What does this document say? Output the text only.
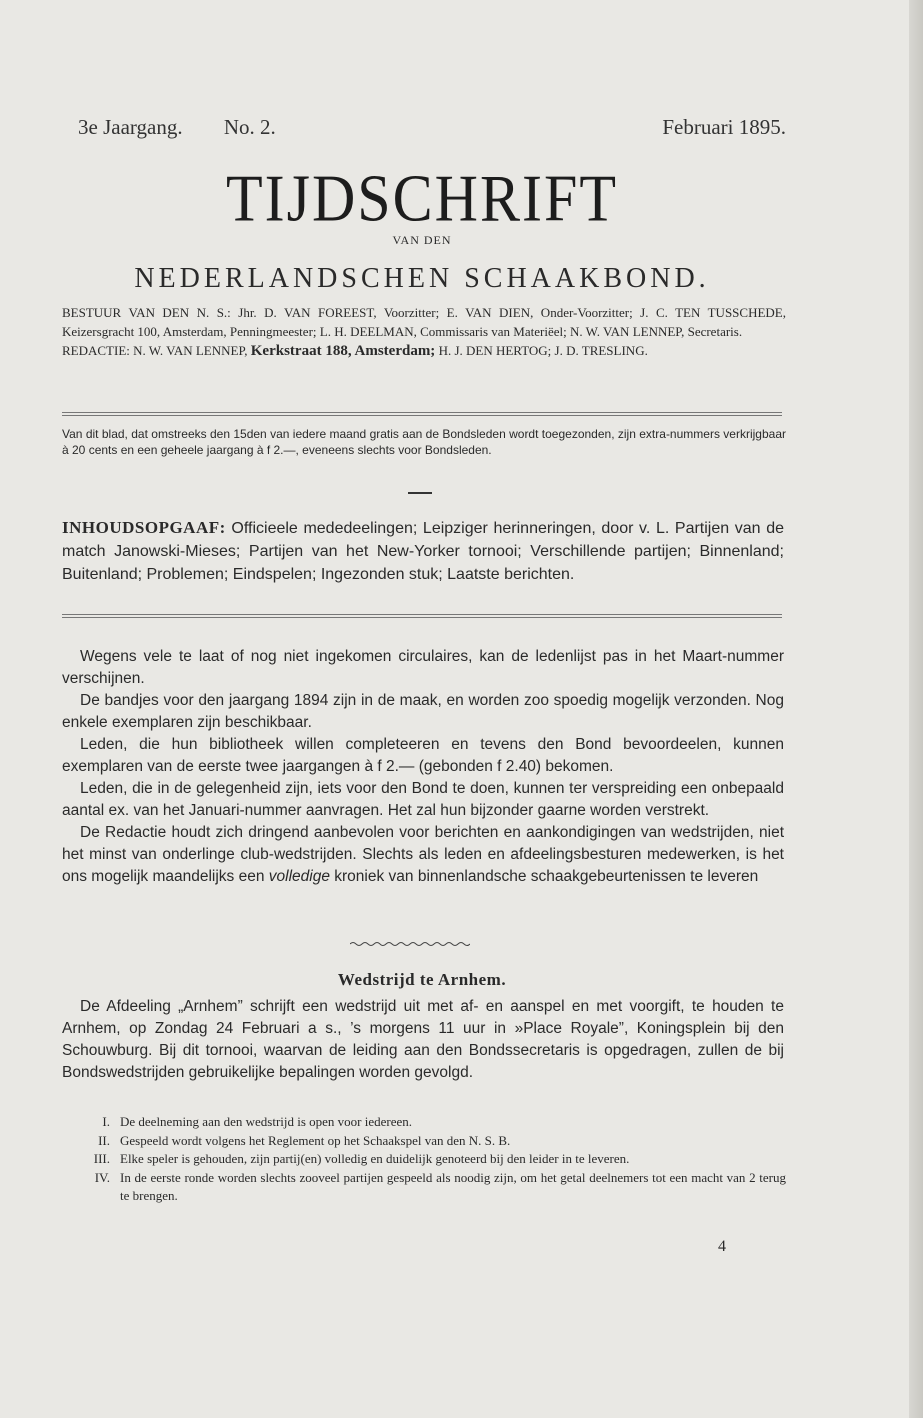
3e Jaargang. No. 2.	Februari 1895.
TIJDSCHRIFT
VAN DEN
NEDERLANDSCHEN SCHAAKBOND.
BESTUUR VAN DEN N. S.: Jhr. D. VAN FOREEST, Voorzitter; E. VAN DIEN, Onder-Voorzitter; J. C. TEN TUSSCHEDE, Keizersgracht 100, Amsterdam, Penningmeester; L. H. DEELMAN, Commissaris van Materiëel; N. W. VAN LENNEP, Secretaris.
REDACTIE: N. W. VAN LENNEP, Kerkstraat 188, Amsterdam; H. J. DEN HERTOG; J. D. TRESLING.
Van dit blad, dat omstreeks den 15den van iedere maand gratis aan de Bondsleden wordt toegezonden, zijn extra-nummers verkrijgbaar à 20 cents en een geheele jaargang à f 2.—, eveneens slechts voor Bondsleden.
INHOUDSOPGAAF: Officieele mededeelingen; Leipziger herinneringen, door v. L. Partijen van de match Janowski-Mieses; Partijen van het New-Yorker tornooi; Verschillende partijen; Binnenland; Buitenland; Problemen; Eindspelen; Ingezonden stuk; Laatste berichten.

Wegens vele te laat of nog niet ingekomen circulaires, kan de ledenlijst pas in het Maart-nummer verschijnen.

De bandjes voor den jaargang 1894 zijn in de maak, en worden zoo spoedig mogelijk verzonden. Nog enkele exemplaren zijn beschikbaar.

Leden, die hun bibliotheek willen completeeren en tevens den Bond bevoordeelen, kunnen exemplaren van de eerste twee jaargangen à f 2.— (gebonden f 2.40) bekomen.

Leden, die in de gelegenheid zijn, iets voor den Bond te doen, kunnen ter verspreiding een onbepaald aantal ex. van het Januari-nummer aanvragen. Het zal hun bijzonder gaarne worden verstrekt.

De Redactie houdt zich dringend aanbevolen voor berichten en aankondigingen van wedstrijden, niet het minst van onderlinge club-wedstrijden. Slechts als leden en afdeelingsbesturen medewerken, is het ons mogelijk maandelijks een volledige kroniek van binnenlandsche schaakgebeurtenissen te leveren

Wedstrijd te Arnhem.

De Afdeeling „Arnhem” schrijft een wedstrijd uit met af- en aanspel en met voorgift, te houden te Arnhem, op Zondag 24 Februari a s., ’s morgens 11 uur in »Place Royale”, Koningsplein bij den Schouwburg. Bij dit tornooi, waarvan de leiding aan den Bondssecretaris is opgedragen, zullen de bij Bondswedstrijden gebruikelijke bepalingen worden gevolgd.

I. De deelneming aan den wedstrijd is open voor iedereen.
II. Gespeeld wordt volgens het Reglement op het Schaakspel van den N. S. B.
III. Elke speler is gehouden, zijn partij(en) volledig en duidelijk genoteerd bij den leider in te leveren.
IV. In de eerste ronde worden slechts zooveel partijen gespeeld als noodig zijn, om het getal deelnemers tot een macht van 2 terug te brengen.
4
